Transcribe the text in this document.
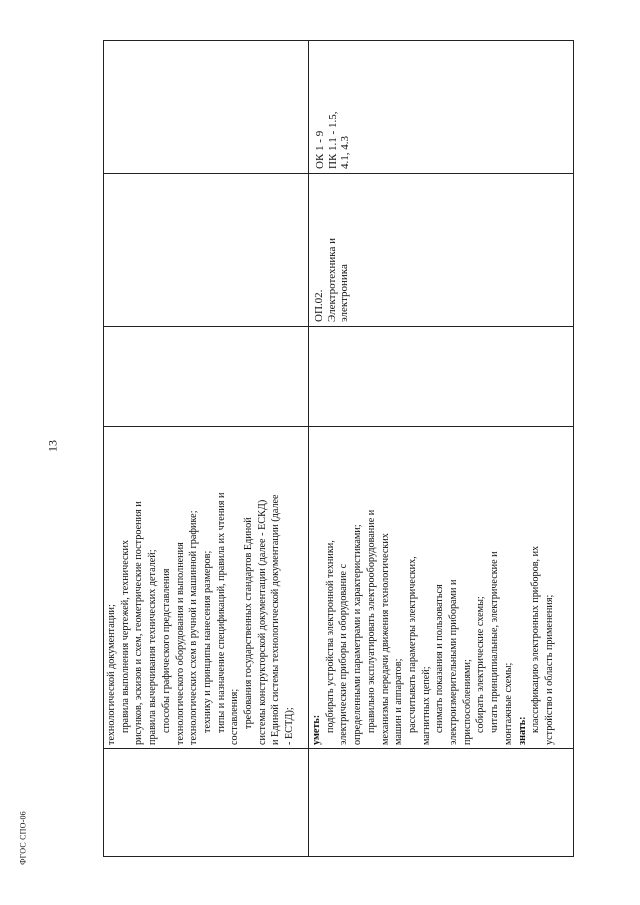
13
ФГОС СПО-06
технологической документации; правила выполнения чертежей, технических рисунков, эскизов и схем, геометрические построения и правила вычерчивания технических деталей; способы графического представления технологического оборудования и выполнения технологических схем в ручной и машинной графике; технику и принципы нанесения размеров; типы и назначение спецификаций, правила их чтения и составления; требования государственных стандартов Единой системы конструкторской документации (далее - ЕСКД) и Единой системы технологической документации (далее - ЕСТД); уметь: подбирать устройства электронной техники, электрические приборы и оборудование с определенными параметрами и характеристиками; правильно эксплуатировать электрооборудование и механизмы передачи движения технологических машин и аппаратов; рассчитывать параметры электрических, магнитных цепей; снимать показания и пользоваться электроизмерительными приборами и приспособлениями; собирать электрические схемы; читать принципиальные, электрические и монтажные схемы; знать: классификацию электронных приборов, их устройство и область применения;
ОП.02. Электротехника и электроника
ОК 1 - 9 ПК 1.1 - 1.5, 4.1, 4.3
